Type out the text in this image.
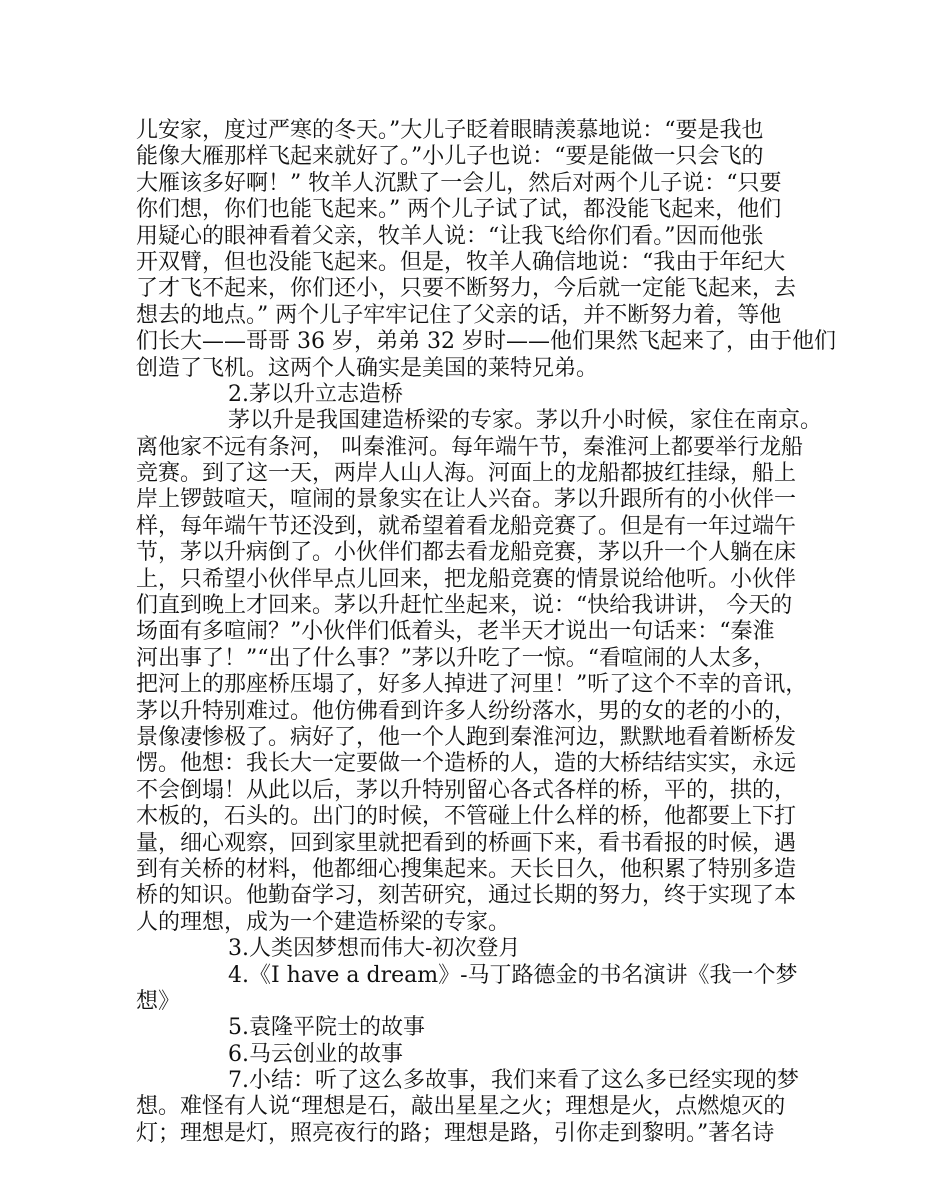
儿安家，度过严寒的冬天。”大儿子眨着眼睛羡慕地说：“要是我也
能像大雁那样飞起来就好了。”小儿子也说：“要是能做一只会飞的
大雁该多好啊！” 牧羊人沉默了一会儿，然后对两个儿子说：“只要
你们想，你们也能飞起来。” 两个儿子试了试，都没能飞起来，他们
用疑心的眼神看着父亲，牧羊人说：“让我飞给你们看。”因而他张
开双臂，但也没能飞起来。但是，牧羊人确信地说：“我由于年纪大
了才飞不起来，你们还小，只要不断努力，今后就一定能飞起来，去
想去的地点。” 两个儿子牢牢记住了父亲的话，并不断努力着，等他
们长大——哥哥 36 岁，弟弟 32 岁时——他们果然飞起来了，由于他们
创造了飞机。这两个人确实是美国的莱特兄弟。
2.茅以升立志造桥
茅以升是我国建造桥梁的专家。茅以升小时候，家住在南京。
离他家不远有条河， 叫秦淮河。每年端午节，秦淮河上都要举行龙船
竞赛。到了这一天，两岸人山人海。河面上的龙船都披红挂绿，船上
岸上锣鼓喧天，喧闹的景象实在让人兴奋。茅以升跟所有的小伙伴一
样，每年端午节还没到，就希望着看龙船竞赛了。但是有一年过端午
节，茅以升病倒了。小伙伴们都去看龙船竞赛，茅以升一个人躺在床
上，只希望小伙伴早点儿回来，把龙船竞赛的情景说给他听。小伙伴
们直到晚上才回来。茅以升赶忙坐起来，说：“快给我讲讲， 今天的
场面有多喧闹？”小伙伴们低着头，老半天才说出一句话来：“秦淮
河出事了！”“出了什么事？”茅以升吃了一惊。“看喧闹的人太多，
把河上的那座桥压塌了，好多人掉进了河里！”听了这个不幸的音讯，
茅以升特别难过。他仿佛看到许多人纷纷落水，男的女的老的小的，
景像凄惨极了。病好了，他一个人跑到秦淮河边，默默地看着断桥发
愣。他想：我长大一定要做一个造桥的人，造的大桥结结实实，永远
不会倒塌！从此以后，茅以升特别留心各式各样的桥，平的，拱的，
木板的，石头的。出门的时候，不管碰上什么样的桥，他都要上下打
量，细心观察，回到家里就把看到的桥画下来，看书看报的时候，遇
到有关桥的材料，他都细心搜集起来。天长日久，他积累了特别多造
桥的知识。他勤奋学习，刻苦研究，通过长期的努力，终于实现了本
人的理想，成为一个建造桥梁的专家。
3.人类因梦想而伟大-初次登月
4.《I have a dream》-马丁路德金的书名演讲《我一个梦
想》
5.袁隆平院士的故事
6.马云创业的故事
7.小结：听了这么多故事，我们来看了这么多已经实现的梦
想。难怪有人说“理想是石，敲出星星之火；理想是火，点燃熄灭的
灯；理想是灯，照亮夜行的路；理想是路，引你走到黎明。”著名诗
